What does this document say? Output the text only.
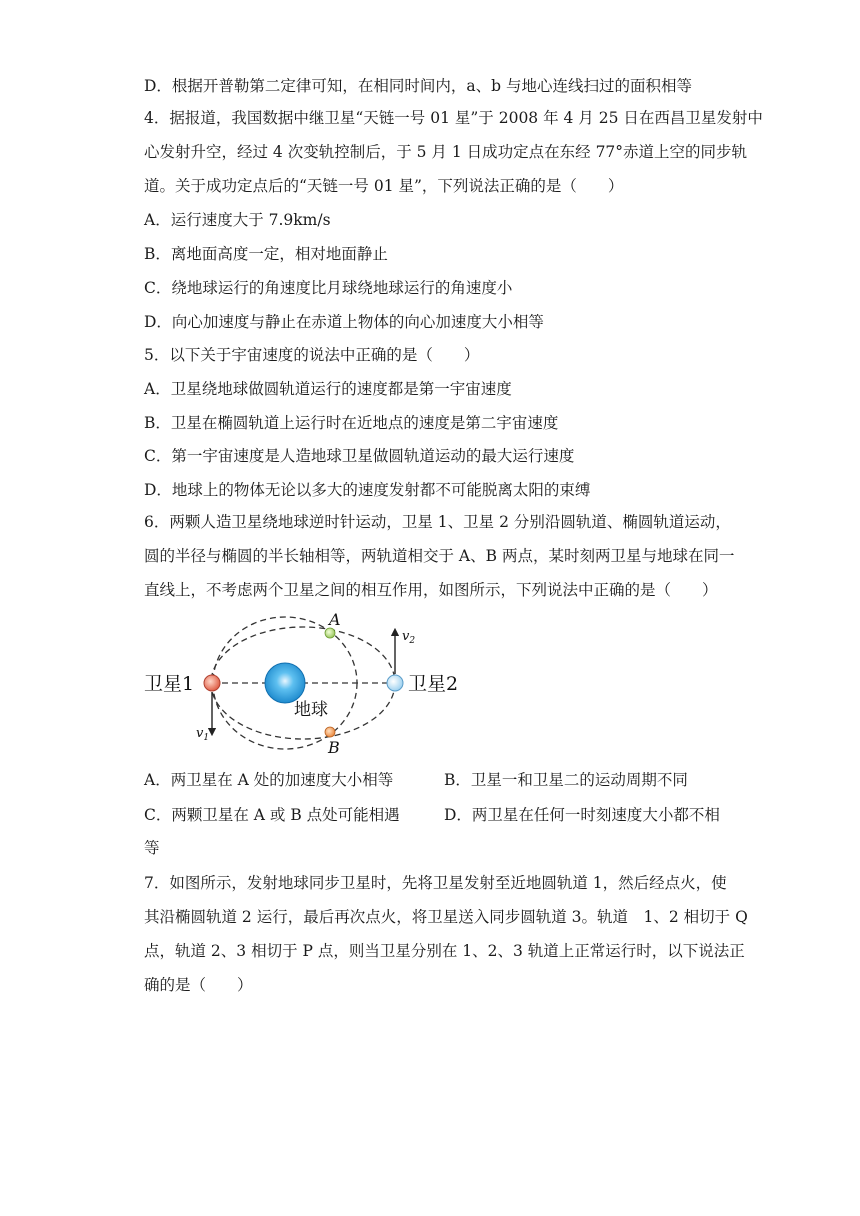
D．根据开普勒第二定律可知，在相同时间内，a、b 与地心连线扫过的面积相等
4．据报道，我国数据中继卫星“天链一号 01 星”于 2008 年 4 月 25 日在西昌卫星发射中
心发射升空，经过 4 次变轨控制后，于 5 月 1 日成功定点在东经 77°赤道上空的同步轨
道。关于成功定点后的“天链一号 01 星”，下列说法正确的是（　　）
A．运行速度大于 7.9km/s
B．离地面高度一定，相对地面静止
C．绕地球运行的角速度比月球绕地球运行的角速度小
D．向心加速度与静止在赤道上物体的向心加速度大小相等
5．以下关于宇宙速度的说法中正确的是（　　）
A．卫星绕地球做圆轨道运行的速度都是第一宇宙速度
B．卫星在椭圆轨道上运行时在近地点的速度是第二宇宙速度
C．第一宇宙速度是人造地球卫星做圆轨道运动的最大运行速度
D．地球上的物体无论以多大的速度发射都不可能脱离太阳的束缚
6．两颗人造卫星绕地球逆时针运动，卫星 1、卫星 2 分别沿圆轨道、椭圆轨道运动，
圆的半径与椭圆的半长轴相等，两轨道相交于 A、B 两点，某时刻两卫星与地球在同一
直线上，不考虑两个卫星之间的相互作用，如图所示，下列说法中正确的是（　　）
地球
卫星1
$v_1$
卫星2
$v_2$
A
B
A．两卫星在 A 处的加速度大小相等	B．卫星一和卫星二的运动周期不同
C．两颗卫星在 A 或 B 点处可能相遇	D．两卫星在任何一时刻速度大小都不相
等
7．如图所示，发射地球同步卫星时，先将卫星发射至近地圆轨道 1，然后经点火，使
其沿椭圆轨道 2 运行，最后再次点火，将卫星送入同步圆轨道 3。轨道　1、2 相切于 Q
点，轨道 2、3 相切于 P 点，则当卫星分别在 1、2、3 轨道上正常运行时，以下说法正
确的是（　　）
